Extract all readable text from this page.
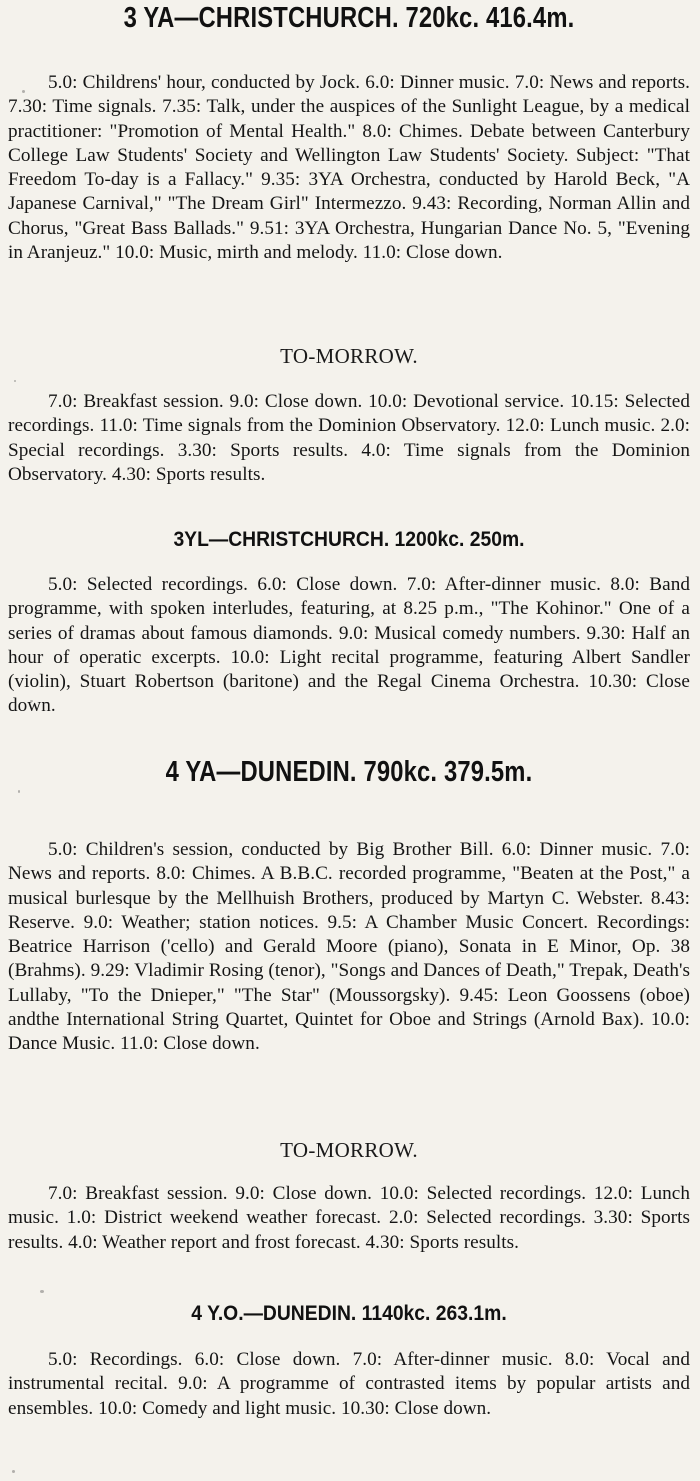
3 YA—CHRISTCHURCH. 720kc. 416.4m.

5.0: Childrens' hour, conducted by Jock. 6.0: Dinner music. 7.0: News and reports. 7.30: Time signals. 7.35: Talk, under the auspices of the Sunlight League, by a medical practitioner: "Promotion of Mental Health." 8.0: Chimes. Debate between Canterbury College Law Students' Society and Wellington Law Students' Society. Subject: "That Freedom To-day is a Fallacy." 9.35: 3YA Orchestra, conducted by Harold Beck, "A Japanese Carnival," "The Dream Girl" Intermezzo. 9.43: Recording, Norman Allin and Chorus, "Great Bass Ballads." 9.51: 3YA Orchestra, Hungarian Dance No. 5, "Evening in Aranjeuz." 10.0: Music, mirth and melody. 11.0: Close down.

TO-MORROW.

7.0: Breakfast session. 9.0: Close down. 10.0: Devotional service. 10.15: Selected recordings. 11.0: Time signals from the Dominion Observatory. 12.0: Lunch music. 2.0: Special recordings. 3.30: Sports results. 4.0: Time signals from the Dominion Observatory. 4.30: Sports results.

3YL—CHRISTCHURCH. 1200kc. 250m.

5.0: Selected recordings. 6.0: Close down. 7.0: After-dinner music. 8.0: Band programme, with spoken interludes, featuring, at 8.25 p.m., "The Kohinor." One of a series of dramas about famous diamonds. 9.0: Musical comedy numbers. 9.30: Half an hour of operatic excerpts. 10.0: Light recital programme, featuring Albert Sandler (violin), Stuart Robertson (baritone) and the Regal Cinema Orchestra. 10.30: Close down.

4 YA—DUNEDIN. 790kc. 379.5m.

5.0: Children's session, conducted by Big Brother Bill. 6.0: Dinner music. 7.0: News and reports. 8.0: Chimes. A B.B.C. recorded programme, "Beaten at the Post," a musical burlesque by the Mellhuish Brothers, produced by Martyn C. Webster. 8.43: Reserve. 9.0: Weather; station notices. 9.5: A Chamber Music Concert. Recordings: Beatrice Harrison ('cello) and Gerald Moore (piano), Sonata in E Minor, Op. 38 (Brahms). 9.29: Vladimir Rosing (tenor), "Songs and Dances of Death," Trepak, Death's Lullaby, "To the Dnieper," "The Star" (Moussorgsky). 9.45: Leon Goossens (oboe) andthe International String Quartet, Quintet for Oboe and Strings (Arnold Bax). 10.0: Dance Music. 11.0: Close down.

TO-MORROW.

7.0: Breakfast session. 9.0: Close down. 10.0: Selected recordings. 12.0: Lunch music. 1.0: District weekend weather forecast. 2.0: Selected recordings. 3.30: Sports results. 4.0: Weather report and frost forecast. 4.30: Sports results.

4 Y.O.—DUNEDIN. 1140kc. 263.1m.

5.0: Recordings. 6.0: Close down. 7.0: After-dinner music. 8.0: Vocal and instrumental recital. 9.0: A programme of contrasted items by popular artists and ensembles. 10.0: Comedy and light music. 10.30: Close down.
